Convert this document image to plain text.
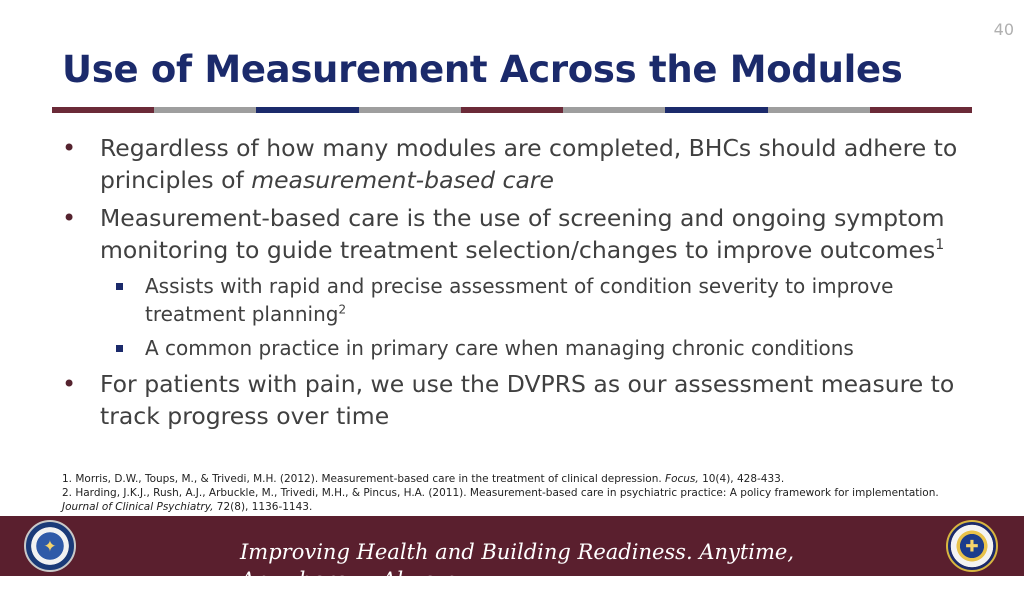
40
Use of Measurement Across the Modules
• Regardless of how many modules are completed, BHCs should adhere to principles of measurement-based care
• Measurement-based care is the use of screening and ongoing symptom monitoring to guide treatment selection/changes to improve outcomes$^1$
Assists with rapid and precise assessment of condition severity to improve treatment planning$^2$
A common practice in primary care when managing chronic conditions
• For patients with pain, we use the DVPRS as our assessment measure to track progress over time
1. Morris, D.W., Toups, M., & Trivedi, M.H. (2012). Measurement-based care in the treatment of clinical depression. Focus, 10(4), 428-433.
2. Harding, J.K.J., Rush, A.J., Arbuckle, M., Trivedi, M.H., & Pincus, H.A. (2011). Measurement-based care in psychiatric practice: A policy framework for implementation.
Journal of Clinical Psychiatry, 72(8), 1136-1143.
✦	Improving Health and Building Readiness. Anytime, Anywhere — Always
✚
